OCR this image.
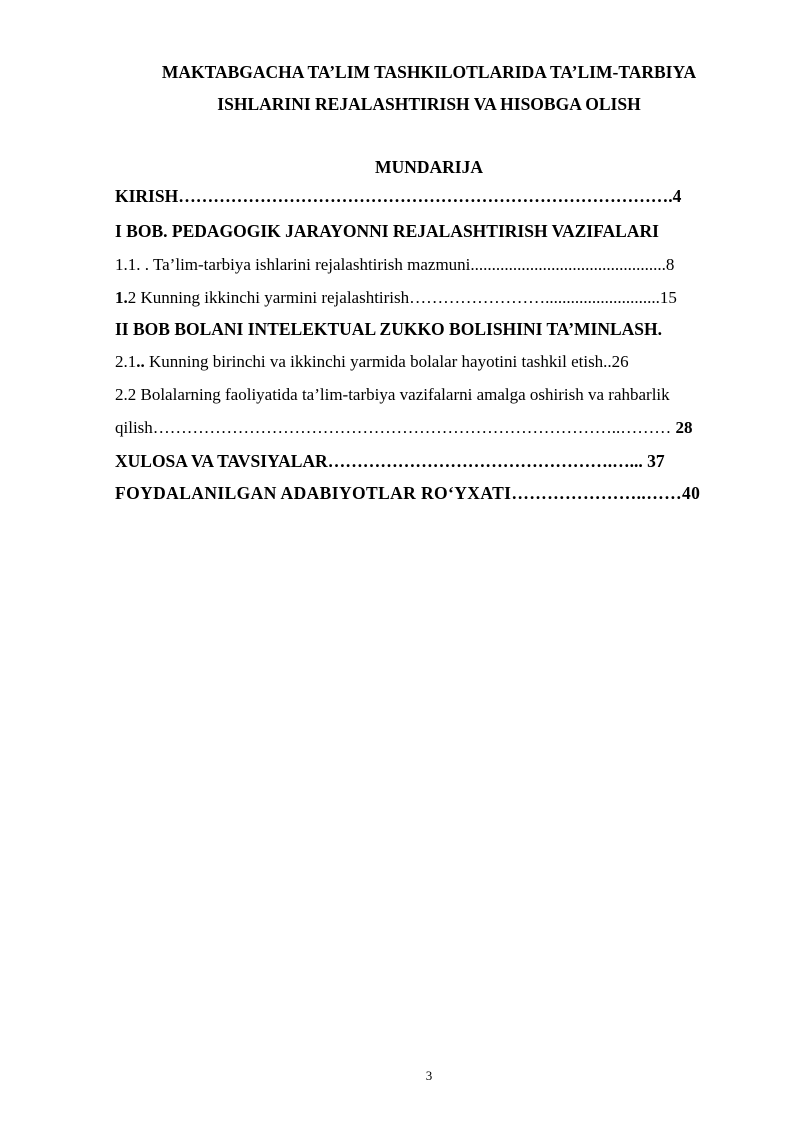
MAKTABGACHA TA’LIM TASHKILOTLARIDA TA’LIM-TARBIYA
ISHLARINI REJALASHTIRISH VA HISOBGA OLISH
MUNDARIJA
KIRISH………………………………………………………………………….4
I BOB. PEDAGOGIK JARAYONNI REJALASHTIRISH VAZIFALARI
1.1. . Ta’lim-tarbiya ishlarini rejalashtirish mazmuni..............................................8
1.2 Kunning ikkinchi yarmini rejalashtirish……………………...........................15
II BOB BOLANI INTELEKTUAL ZUKKO BOLISHINI TA’MINLASH.
2.1.. Kunning birinchi va ikkinchi yarmida bolalar hayotini tashkil etish..26
2.2 Bolalarning faoliyatida ta’lim-tarbiya vazifalarni amalga oshirish va rahbarlik
qilish………………………………………………………………………..……… 28
XULOSA VA TAVSIYALAR………………………………………….…... 37
FOYDALANILGAN ADABIYOTLAR RO‘YXATI…………………..……40
3
